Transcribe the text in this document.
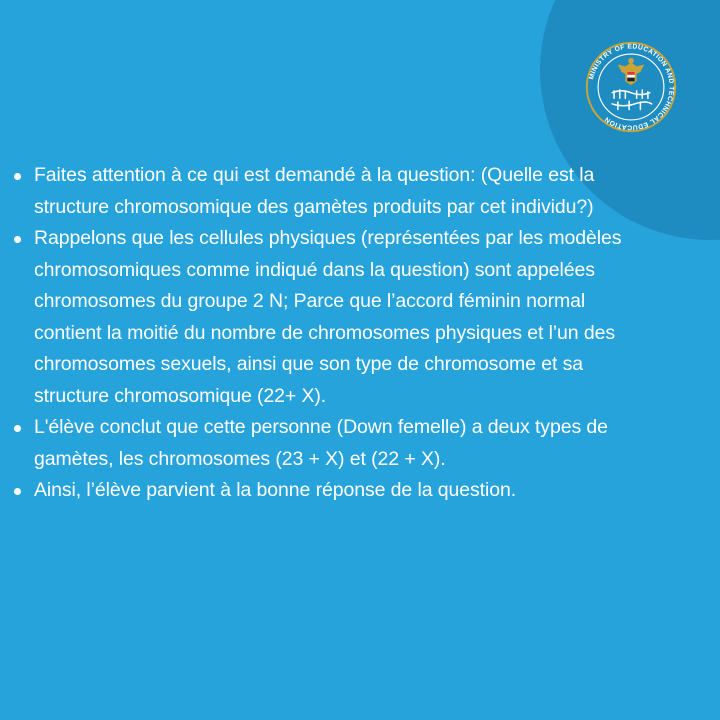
MINISTRY OF EDUCATION AND TECHNICAL EDUCATION
Faites attention à ce qui est demandé à la question: (Quelle est la
structure chromosomique des gamètes produits par cet individu?)
Rappelons que les cellules physiques (représentées par les modèles
chromosomiques comme indiqué dans la question) sont appelées
chromosomes du groupe 2 N; Parce que l’accord féminin normal
contient la moitié du nombre de chromosomes physiques et l’un des
chromosomes sexuels, ainsi que son type de chromosome et sa
structure chromosomique (22+ X).
L'élève conclut que cette personne (Down femelle) a deux types de
gamètes, les chromosomes (23 + X) et (22 + X).
Ainsi, l’élève parvient à la bonne réponse de la question.
